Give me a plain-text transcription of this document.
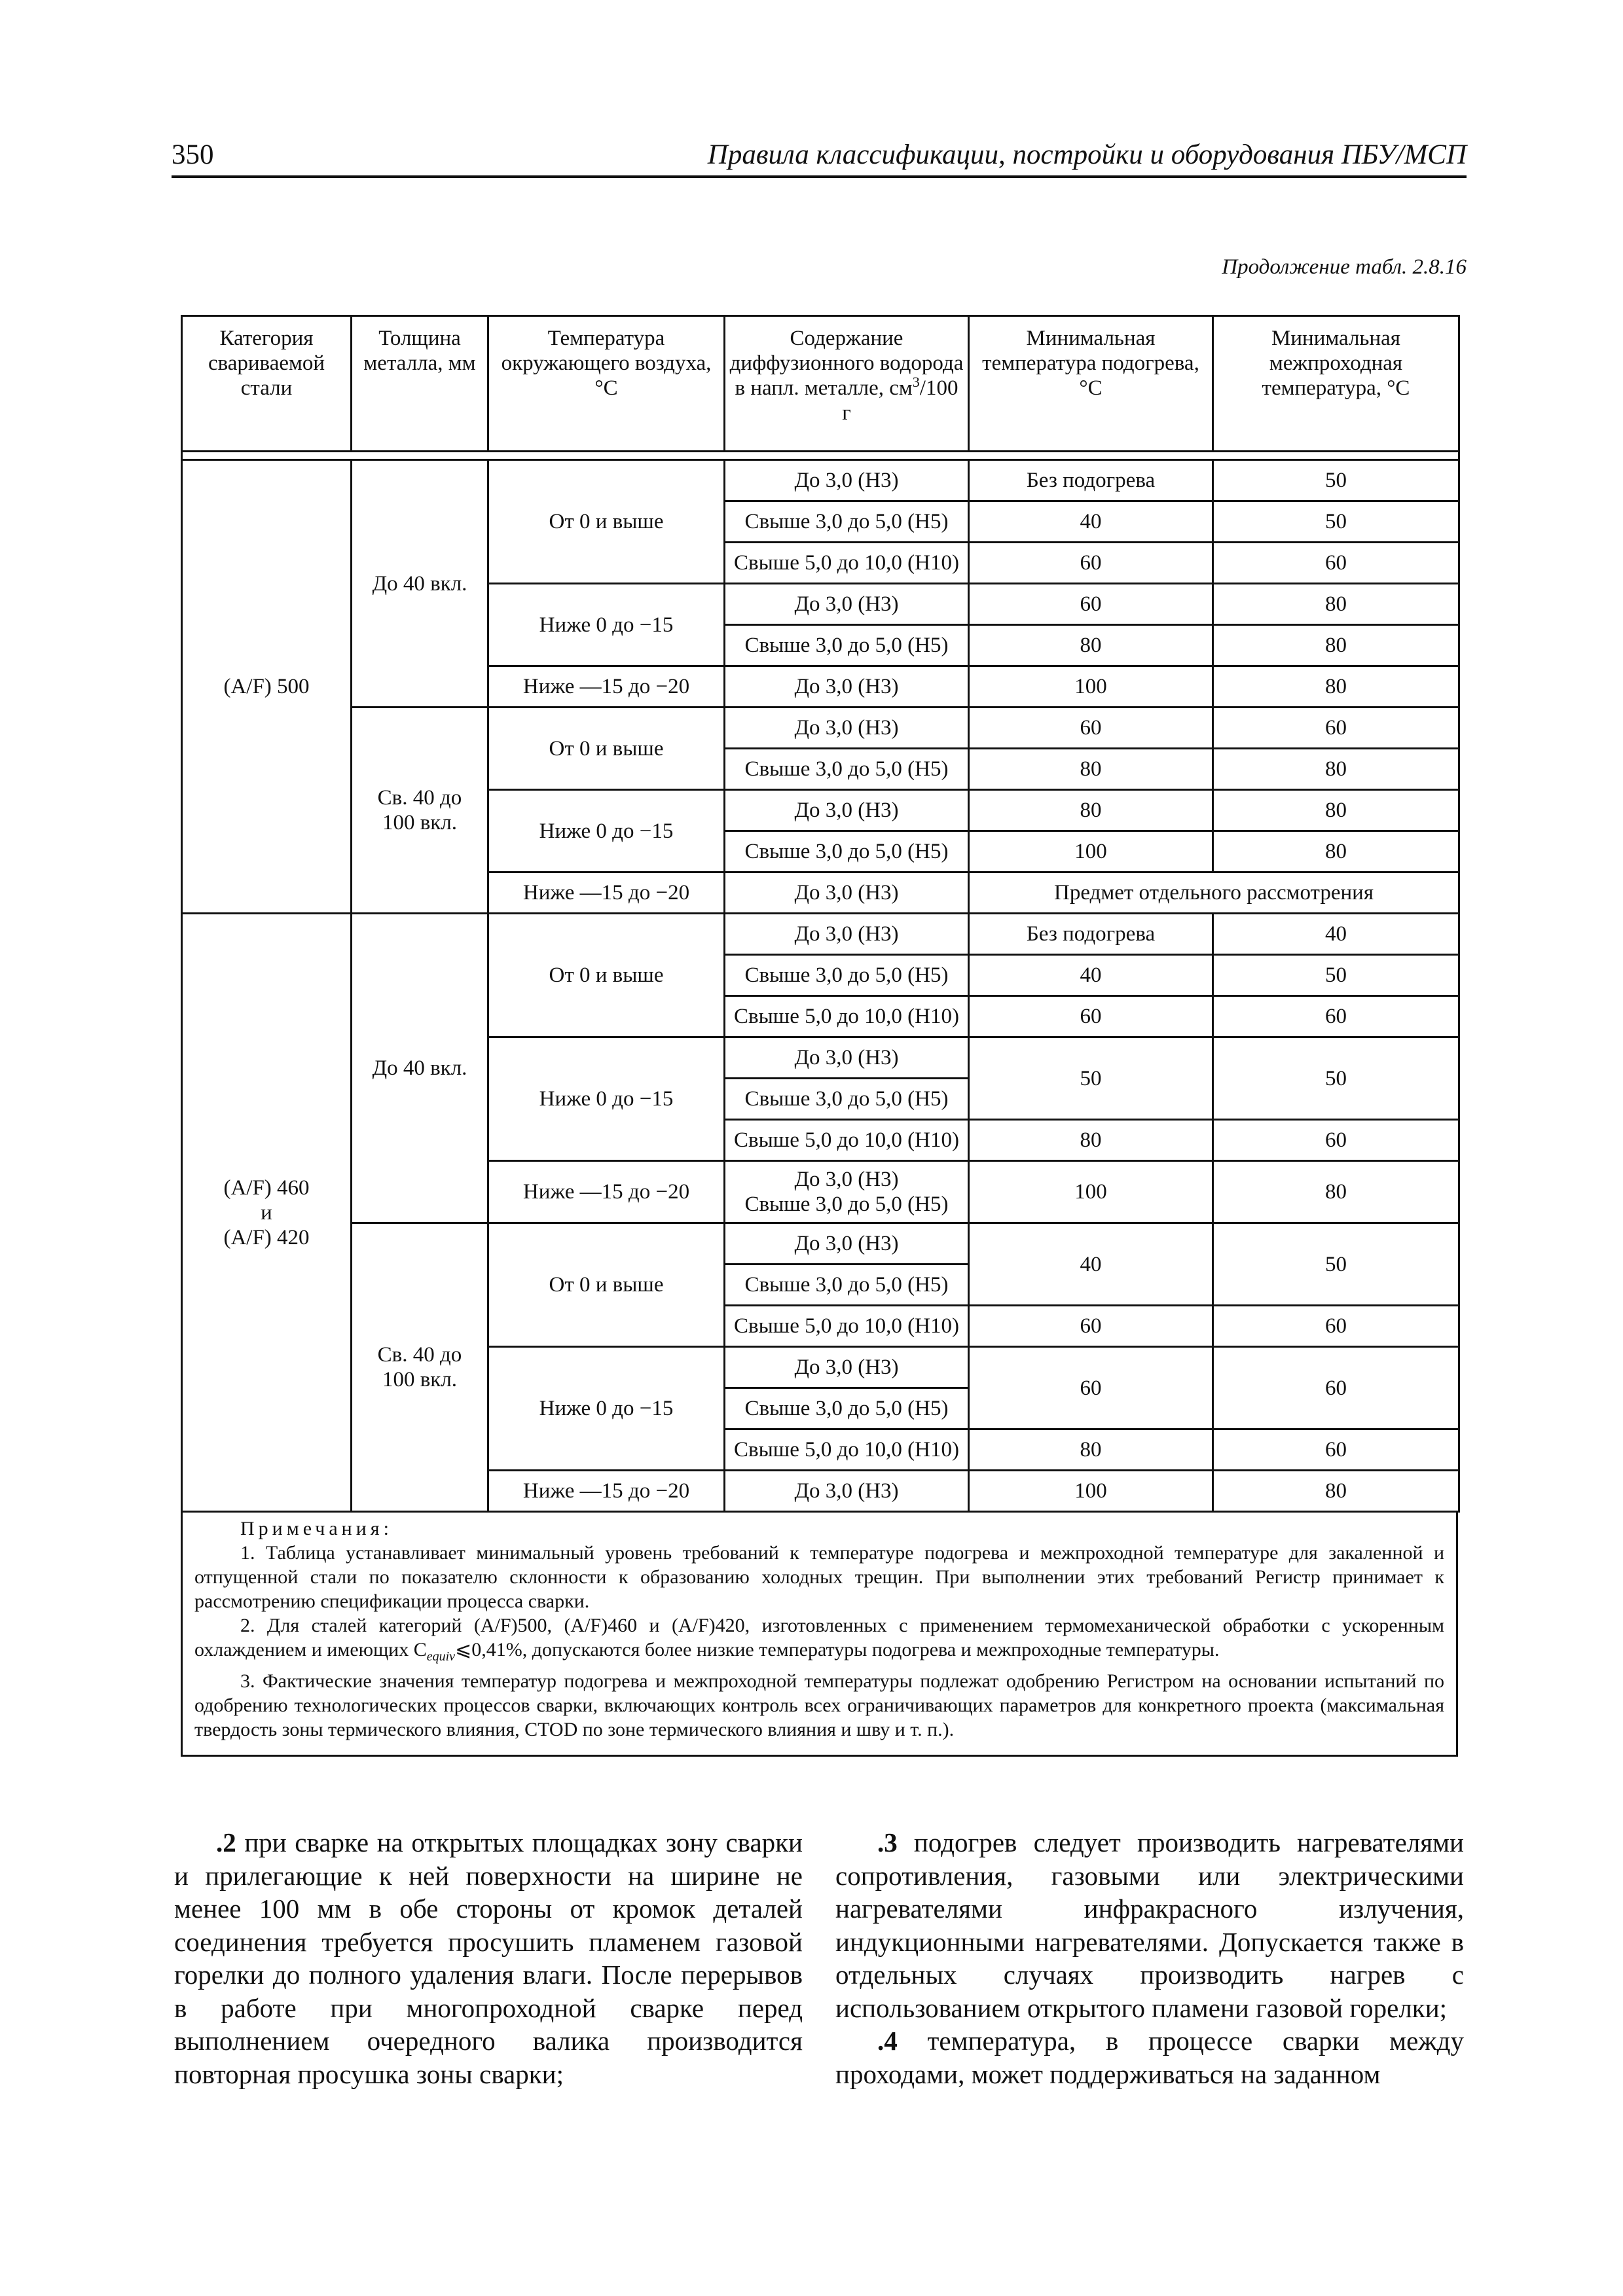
350	Правила классификации, постройки и оборудования ПБУ/МСП
Продолжение табл. 2.8.16
Категория свариваемой стали	Толщина металла, мм	Температура окружающего воздуха, °С	Содержание диффузионного водорода в напл. металле, $см^3/100$ г	Минимальная температура подогрева, °С	Минимальная межпроходная температура, °С

(A/F) 500	До 40 вкл.	От 0 и выше	До 3,0 (H3)	Без подогрева	50
			Свыше 3,0 до 5,0 (H5)	40	50
			Свыше 5,0 до 10,0 (H10)	60	60
		Ниже 0 до −15	До 3,0 (H3)	60	80
			Свыше 3,0 до 5,0 (H5)	80	80
		Ниже —15 до −20	До 3,0 (H3)	100	80
	Св. 40 до
100 вкл.	От 0 и выше	До 3,0 (H3)	60	60
			Свыше 3,0 до 5,0 (H5)	80	80
		Ниже 0 до −15	До 3,0 (H3)	80	80
			Свыше 3,0 до 5,0 (H5)	100	80
		Ниже —15 до −20	До 3,0 (H3)	Предмет отдельного рассмотрения	
(A/F) 460
и
(A/F) 420	До 40 вкл.	От 0 и выше	До 3,0 (H3)	Без подогрева	40
			Свыше 3,0 до 5,0 (H5)	40	50
			Свыше 5,0 до 10,0 (H10)	60	60
		Ниже 0 до −15	До 3,0 (H3)	50	50
			Свыше 3,0 до 5,0 (H5)		
			Свыше 5,0 до 10,0 (H10)	80	60
		Ниже —15 до −20	До 3,0 (H3)
Свыше 3,0 до 5,0 (H5)	100	80
	Св. 40 до
100 вкл.	От 0 и выше	До 3,0 (H3)	40	50
			Свыше 3,0 до 5,0 (H5)		
			Свыше 5,0 до 10,0 (H10)	60	60
		Ниже 0 до −15	До 3,0 (H3)	60	60
			Свыше 3,0 до 5,0 (H5)		
			Свыше 5,0 до 10,0 (H10)	80	60
		Ниже —15 до −20	До 3,0 (H3)	100	80
Примечания:

1. Таблица устанавливает минимальный уровень требований к температуре подогрева и межпроходной температуре для закаленной и отпущенной стали по показателю склонности к образованию холодных трещин. При выполнении этих требований Регистр принимает к рассмотрению спецификации процесса сварки.

2. Для сталей категорий (A/F)500, (A/F)460 и (A/F)420, изготовленных с применением термомеханической обработки с ускоренным охлаждением и имеющих $C_{equiv}⩽0,41\%$, допускаются более низкие температуры подогрева и межпроходные температуры.

3. Фактические значения температур подогрева и межпроходной температуры подлежат одобрению Регистром на основании испытаний по одобрению технологических процессов сварки, включающих контроль всех ограничивающих параметров для конкретного проекта (максимальная твердость зоны термического влияния, CTOD по зоне термического влияния и шву и т. п.).

.2 при сварке на открытых площадках зону сварки и прилегающие к ней поверхности на ширине не менее 100 мм в обе стороны от кромок деталей соединения требуется просушить пламенем газовой горелки до полного удаления влаги. После перерывов в работе при многопроходной сварке перед выполнением очередного валика производится повторная просушка зоны сварки;

.3 подогрев следует производить нагревателями сопротивления, газовыми или электрическими нагревателями инфракрасного излучения, индукционными нагревателями. Допускается также в отдельных случаях производить нагрев с использованием открытого пламени газовой горелки;

.4 температура, в процессе сварки между проходами, может поддерживаться на заданном
